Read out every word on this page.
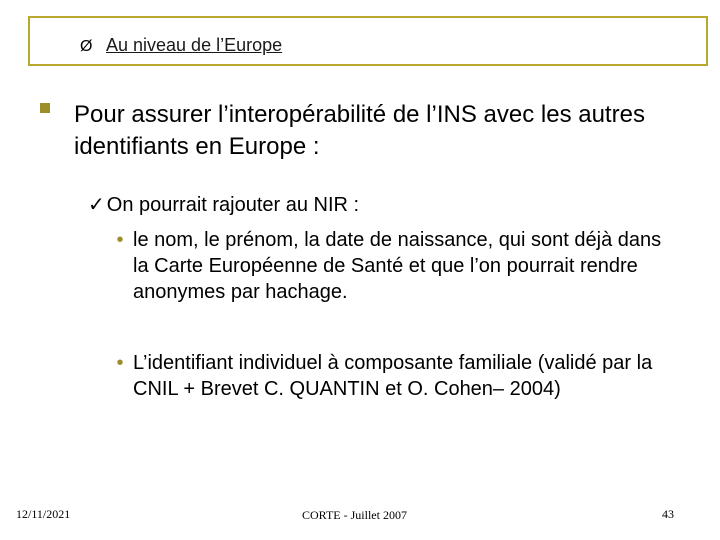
Ø Au niveau de l’Europe
Pour assurer l’interopérabilité de l’INS avec les autres identifiants en Europe :
✓ On pourrait rajouter au NIR :
• le nom, le prénom, la date de naissance, qui sont déjà dans la Carte Européenne de Santé et que l’on pourrait rendre anonymes par hachage.
• L’identifiant individuel à composante familiale (validé par la CNIL + Brevet C. QUANTIN et O. Cohen– 2004)
12/11/2021	CORTE - Juillet 2007	43
